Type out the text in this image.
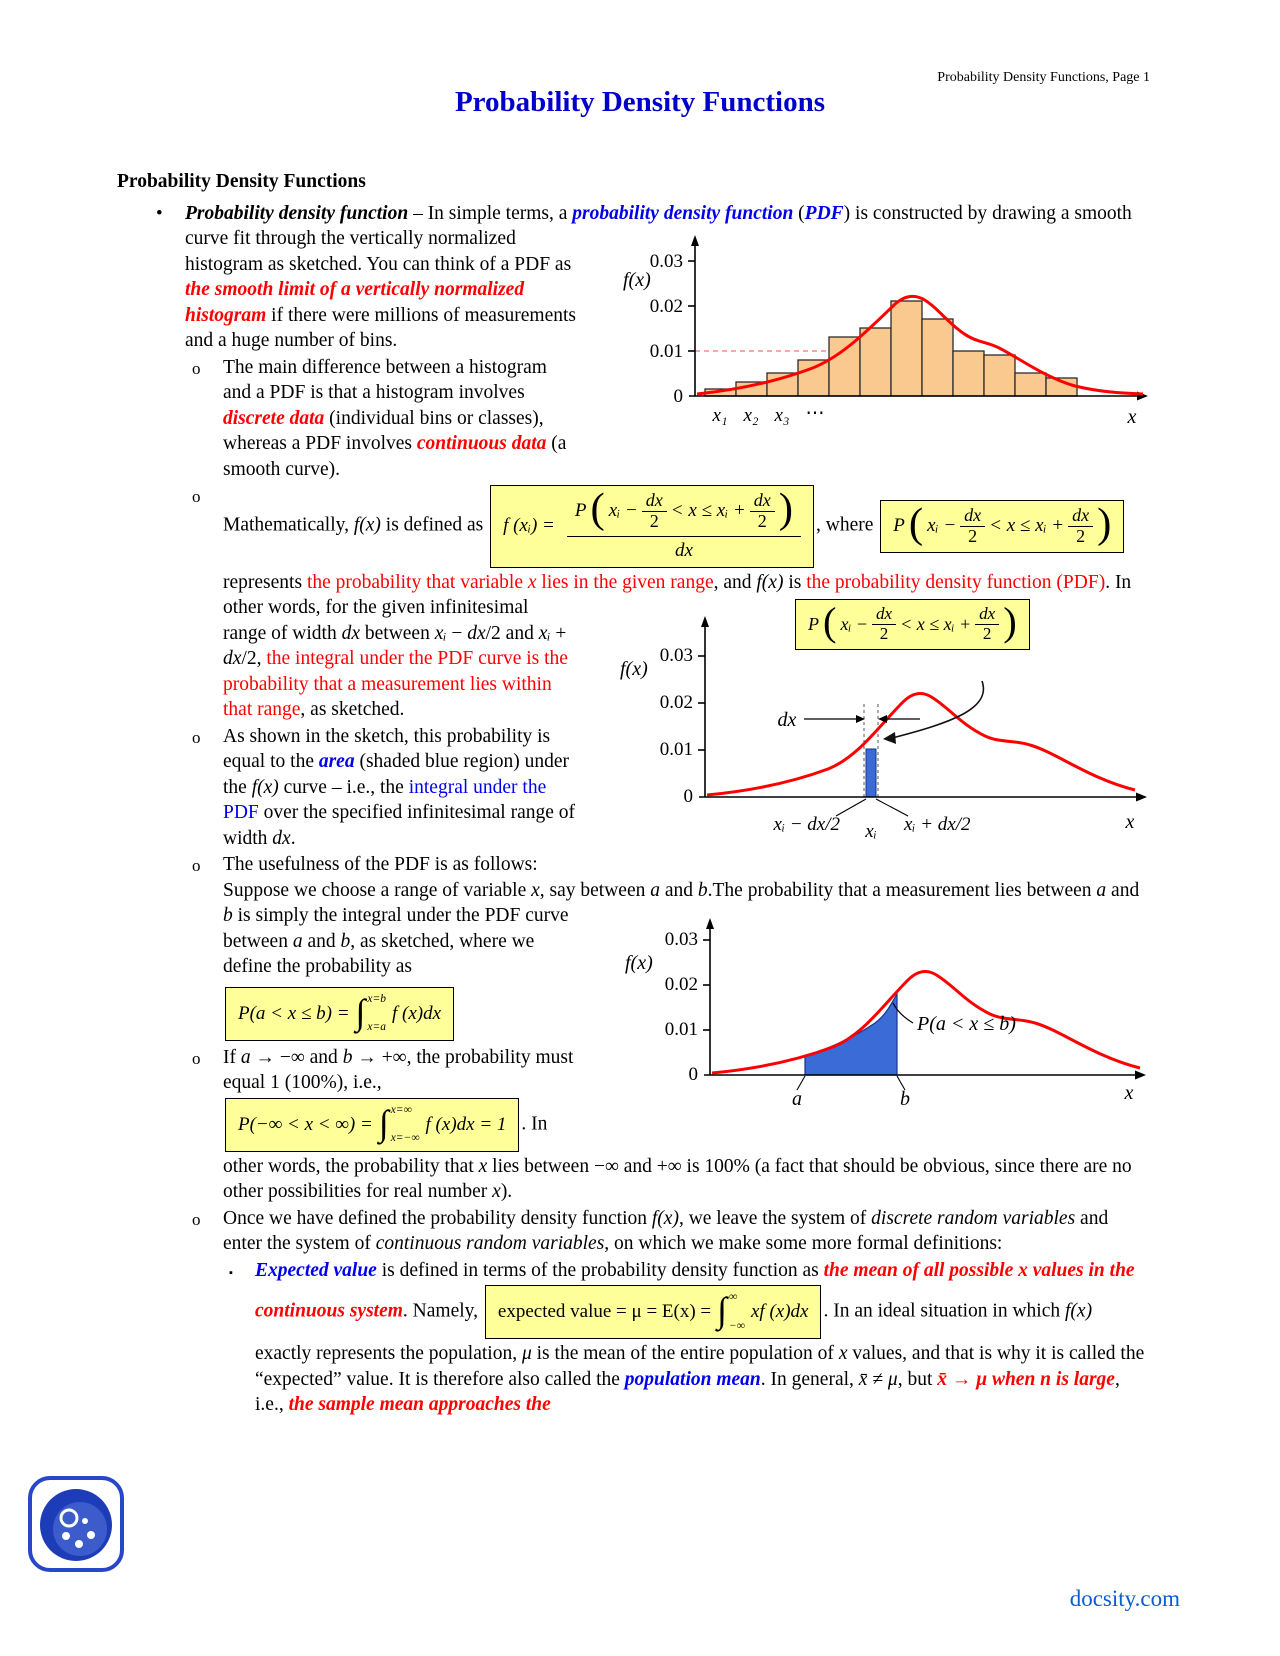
Probability Density Functions, Page 1
Probability Density Functions
Probability Density Functions
• Probability density function – In simple terms, a probability density function (PDF) is constructed by
0.03
0.02
0.01
0
f(x)
x₁ x₂ x₃ ⋯	x
drawing a smooth curve fit through the vertically normalized histogram as sketched. You can think of a PDF as the smooth limit of a vertically normalized histogram if there were millions of measurements and a huge number of bins.
o The main difference between a histogram and a PDF is that a histogram involves discrete data (individual bins or classes), whereas a PDF involves continuous data (a smooth curve).
o
Mathematically, f(x) is defined as f (xᵢ) = $\frac{P ( xᵢ - \frac{dx}{2} < x \le xᵢ + \frac{dx}{2} )}{dx}$ , where P ( xᵢ − $\frac{dx}{2} < x$ ≤ xᵢ + $\frac{dx}{2}$ )
represents the probability that variable x lies in the given range, and f(x) is the probability density function (PDF).
0.03
0.02
0.01
0
f(x)
dx
xᵢ − dx/2 xᵢ xᵢ + dx/2	x
P ( xᵢ − $\frac{dx}{2} < x$ ≤ xᵢ + $\frac{dx}{2}$ )
In other words, for the given infinitesimal range of width dx between xᵢ − dx/2 and xᵢ + dx/2, the integral under the PDF curve is the probability that a measurement lies within that range, as sketched.
o As shown in the sketch, this probability is equal to the area (shaded blue region) under the f(x) curve – i.e., the integral under the PDF over the specified infinitesimal range of width dx.
o The usefulness of the PDF is as follows: Suppose we choose a range of variable x, say between a and b.
0.03
0.02
0.01
0
f(x)
P(a < x ≤ b)
a	b	x
The probability that a measurement lies between a and b is simply the integral under the PDF curve between a and b, as sketched, where we define the probability as
P(a < x ≤ b) = ∫ x=b
x=a
f (x)dx
o If a → −∞ and b → +∞, the probability must equal 1 (100%), i.e.,
P(−∞ < x < ∞) = ∫ x=∞
x=−∞
f (x)dx = 1 . In other words, the probability that x lies between −∞ and +∞ is 100% (a fact that should be obvious, since there are no other possibilities for real number x).
o Once we have defined the probability density function f(x), we leave the system of discrete random variables and enter the system of continuous random variables, on which we make some more formal definitions:
▪ Expected value is defined in terms of the probability density function as the mean of all possible x values in the continuous system. Namely, expected value = μ = E(x) = ∫ ∞
−∞
xf (x)dx . In an ideal situation in which f(x) exactly represents the population, μ is the mean of the entire population of x values, and that is why it is called the “expected” value. It is therefore also called the population mean. In general, x̄ ≠ μ, but x̄ → μ when n is large, i.e., the sample mean approaches the
docsity.com
